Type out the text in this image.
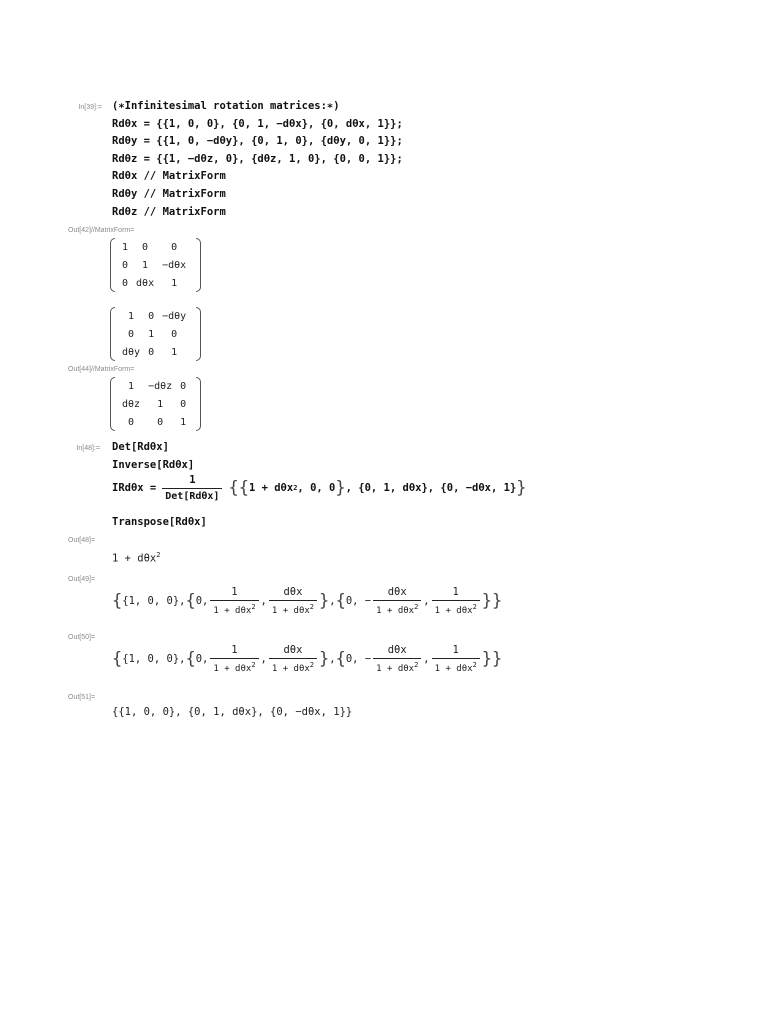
In[39]:= (∗Infinitesimal rotation matrices:∗)
Rdθx = {{1, 0, 0}, {0, 1, −dθx}, {0, dθx, 1}};
Rdθy = {{1, 0, −dθy}, {0, 1, 0}, {dθy, 0, 1}};
Rdθz = {{1, −dθz, 0}, {dθz, 1, 0}, {0, 0, 1}};
Rdθx // MatrixForm
Rdθy // MatrixForm
Rdθz // MatrixForm
Out[42]//MatrixForm=
1	0	0
0	1	−dθx
0	dθx	1
1	0	−dθy
0	1	0
dθy	0	1
Out[44]//MatrixForm=
1	−dθz	0
dθz	1	0
0	0	1
In[48]:= Det[Rdθx]
Inverse[Rdθx]
$IRd\theta x = \frac{1}{\text{Det[Rdθx]}}$ {{ 1 + dθx 2 , 0, 0 } , {0, 1, dθx}, {0, −dθx, 1} }
Transpose[Rdθx]
Out[48]=
1 + dθx$^2$
Out[49]=
{ {1, 0, 0}, { 0, $\frac{1}{1 + d\theta x^2}$ , $\frac{\text{dθx}}{1 + d\theta x^2}$ } , { 0, − $\frac{\text{dθx}}{1 + d\theta x^2}$ , $\frac{1}{1 + d\theta x^2}$ }}
Out[50]=
{ {1, 0, 0}, { 0, $\frac{1}{1 + d\theta x^2}$ , $\frac{\text{dθx}}{1 + d\theta x^2}$ } , { 0, − $\frac{\text{dθx}}{1 + d\theta x^2}$ , $\frac{1}{1 + d\theta x^2}$ }}
Out[51]=
{{1, 0, 0}, {0, 1, dθx}, {0, −dθx, 1}}
